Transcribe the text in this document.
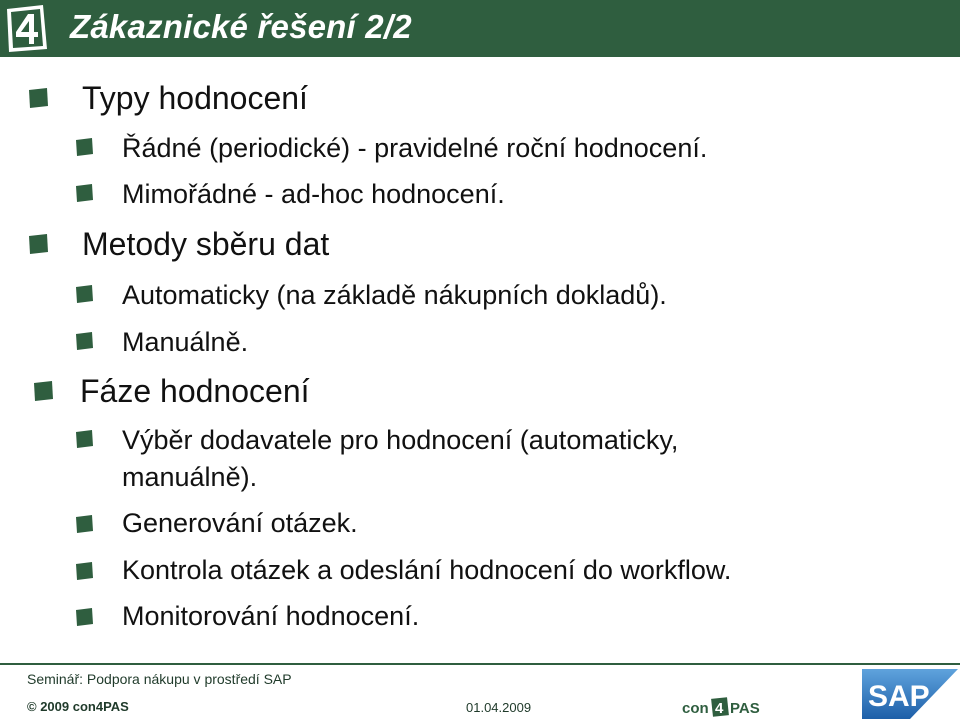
Zákaznické řešení 2/2
Typy hodnocení
Řádné (periodické) - pravidelné roční hodnocení.
Mimořádné - ad-hoc hodnocení.
Metody sběru dat
Automaticky (na základě nákupních dokladů).
Manuálně.
Fáze hodnocení
Výběr dodavatele pro hodnocení (automaticky,
manuálně).
Generování otázek.
Kontrola otázek a odeslání hodnocení do workflow.
Monitorování hodnocení.
Seminář: Podpora nákupu v prostředí SAP
© 2009 con4PAS	01.04.2009	con 4 PAS	SAP
